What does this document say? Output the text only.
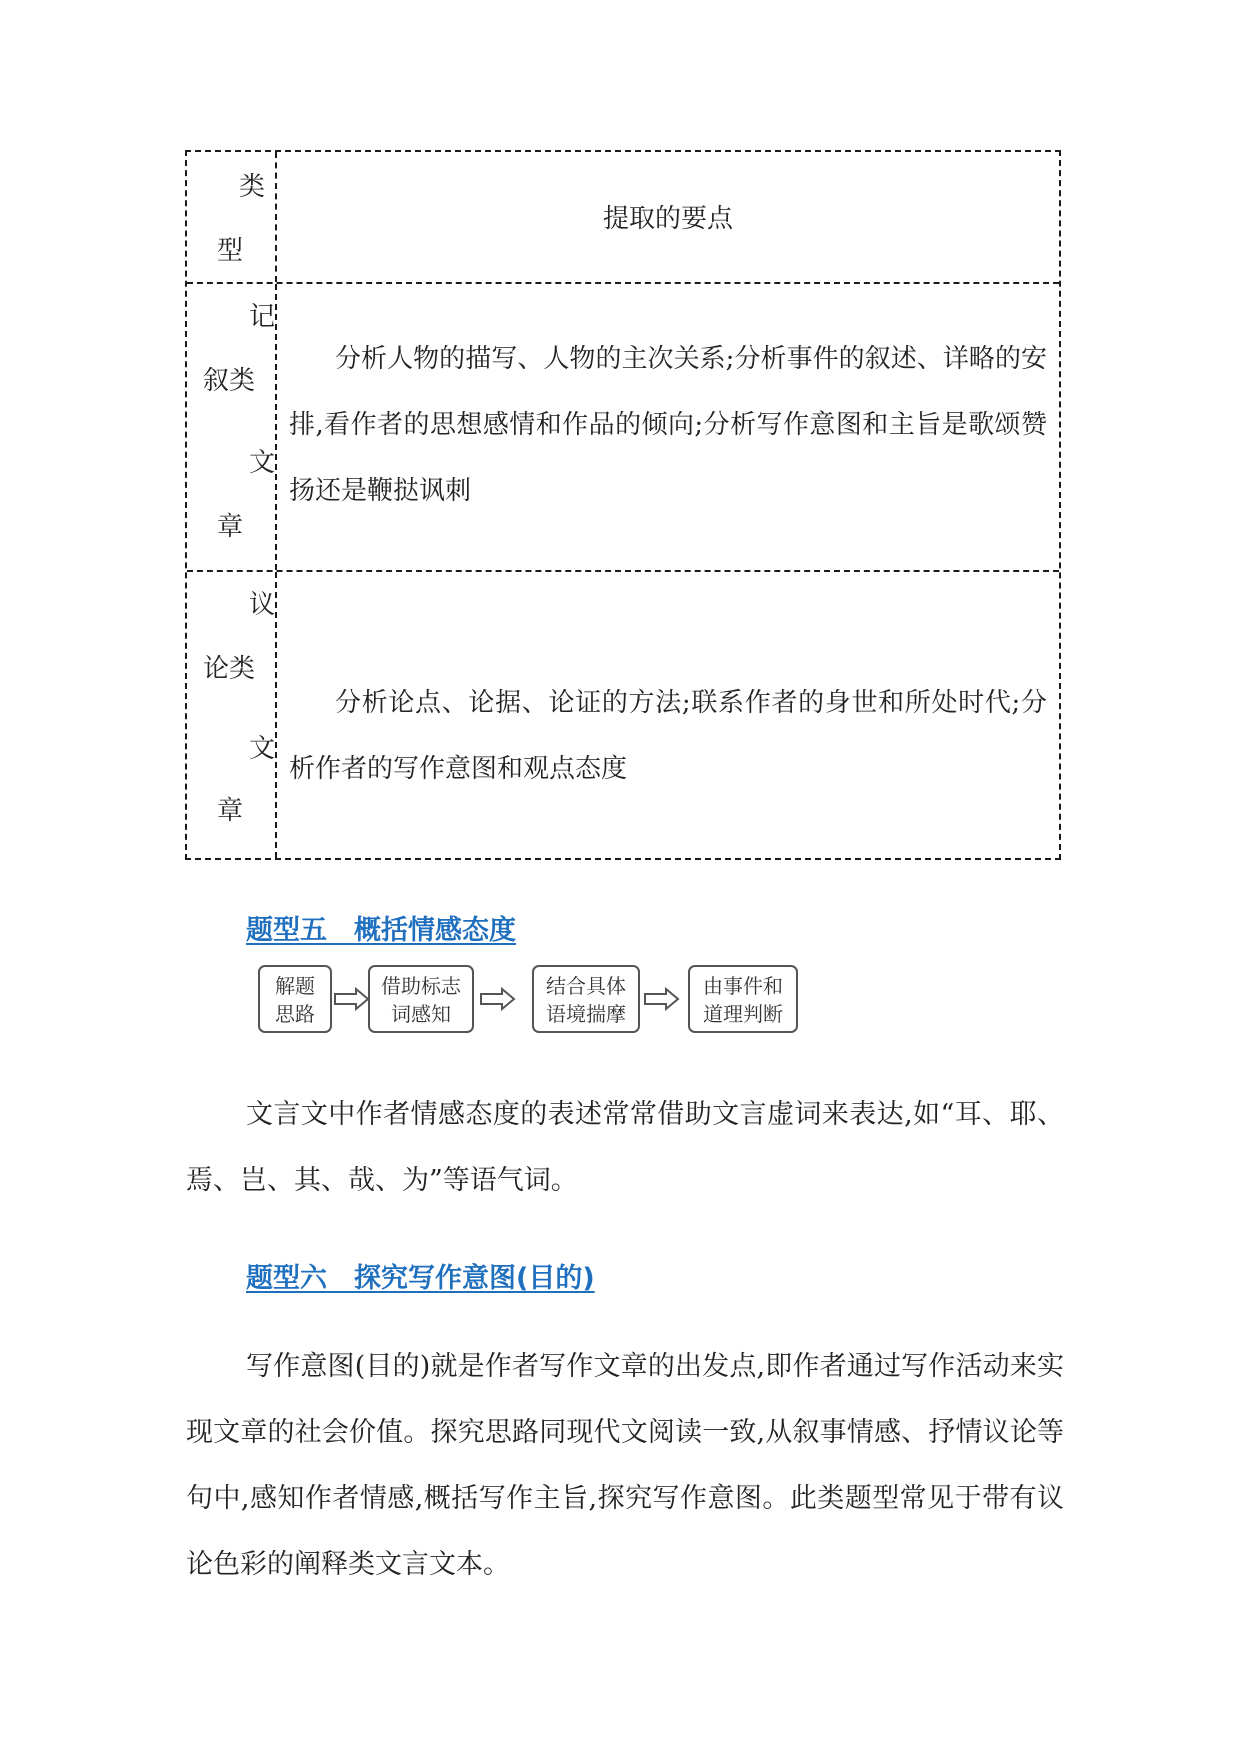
类
型
提取的要点
记
叙类
文
章
分析人物的描写、人物的主次关系;分析事件的叙述、详略的安排,看作者的思想感情和作品的倾向;分析写作意图和主旨是歌颂赞扬还是鞭挞讽刺
议
论类
文
章
分析论点、论据、论证的方法;联系作者的身世和所处时代;分析作者的写作意图和观点态度
题型五　概括情感态度
解题
思路
借助标志
词感知
结合具体
语境揣摩
由事件和
道理判断
文言文中作者情感态度的表述常常借助文言虚词来表达,如“耳、耶、焉、岂、其、哉、为”等语气词。
题型六　探究写作意图(目的)
写作意图(目的)就是作者写作文章的出发点,即作者通过写作活动来实现文章的社会价值。探究思路同现代文阅读一致,从叙事情感、抒情议论等句中,感知作者情感,概括写作主旨,探究写作意图。此类题型常见于带有议论色彩的阐释类文言文本。
